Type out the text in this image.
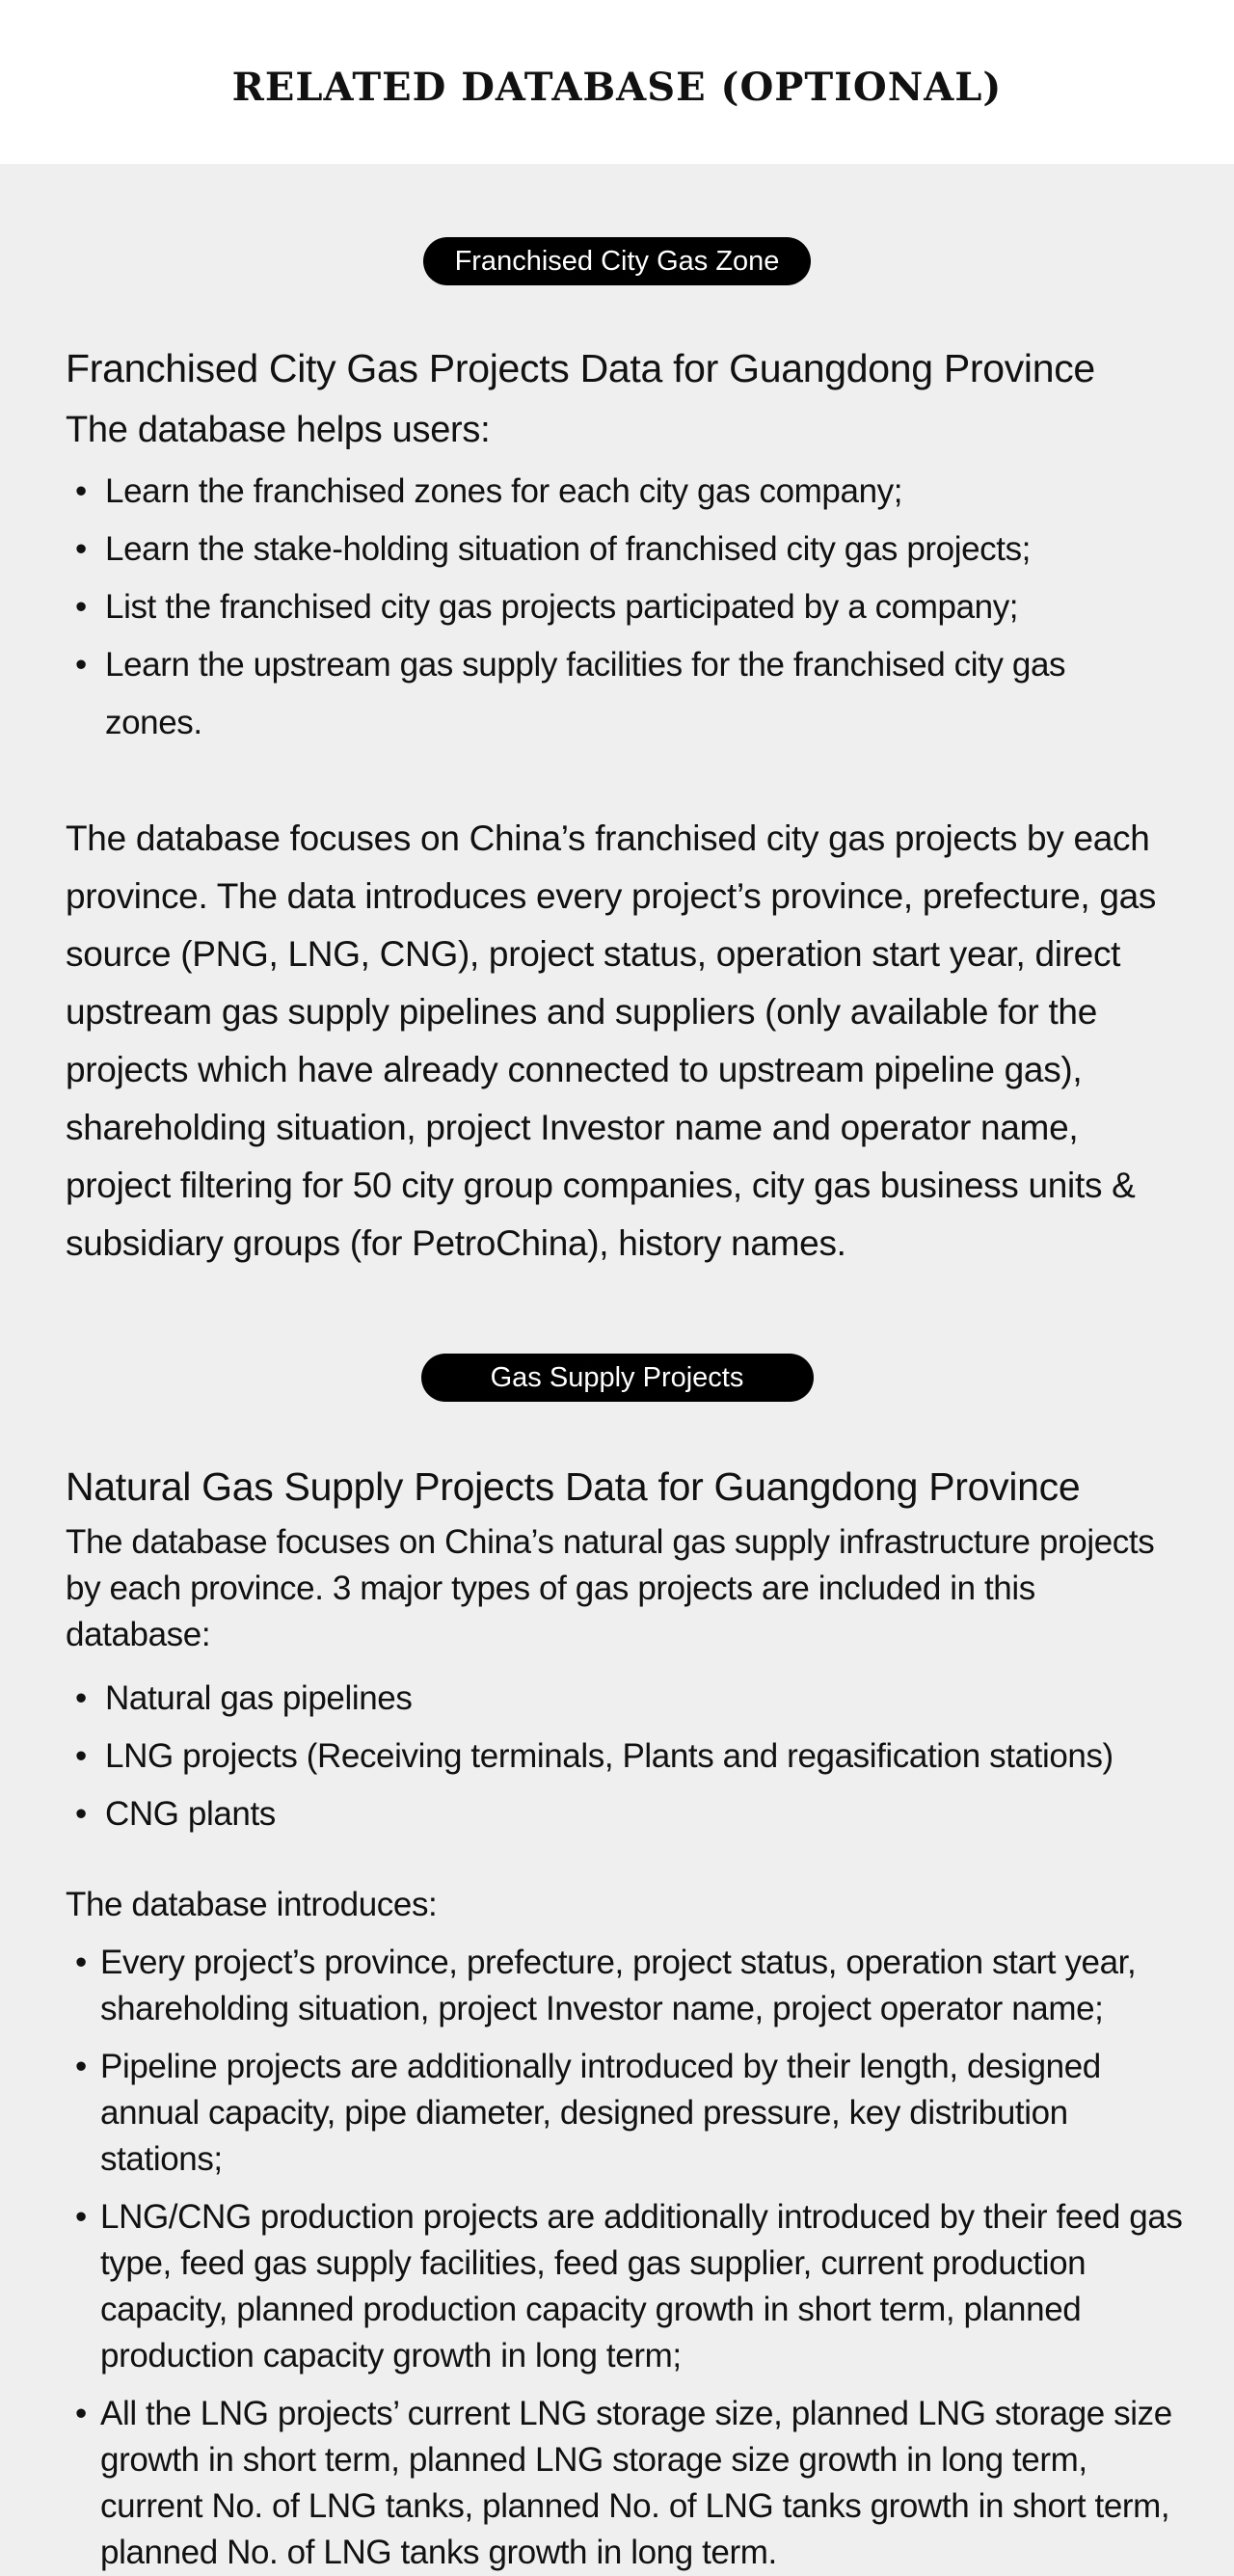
RELATED DATABASE (OPTIONAL)
Franchised City Gas Zone
Franchised City Gas Projects Data for Guangdong Province

The database helps users:

• Learn the franchised zones for each city gas company;
• Learn the stake-holding situation of franchised city gas projects;
• List the franchised city gas projects participated by a company;
• Learn the upstream gas supply facilities for the franchised city gas zones.

The database focuses on China’s franchised city gas projects by each province. The data introduces every project’s province, prefecture, gas source (PNG, LNG, CNG), project status, operation start year, direct upstream gas supply pipelines and suppliers (only available for the projects which have already connected to upstream pipeline gas), shareholding situation, project Investor name and operator name, project filtering for 50 city group companies, city gas business units & subsidiary groups (for PetroChina), history names.

Gas Supply Projects
Natural Gas Supply Projects Data for Guangdong Province

The database focuses on China’s natural gas supply infrastructure projects by each province. 3 major types of gas projects are included in this database:

• Natural gas pipelines
• LNG projects (Receiving terminals, Plants and regasification stations)
• CNG plants

The database introduces:

• Every project’s province, prefecture, project status, operation start year, shareholding situation, project Investor name, project operator name;
• Pipeline projects are additionally introduced by their length, designed annual capacity, pipe diameter, designed pressure, key distribution stations;
• LNG/CNG production projects are additionally introduced by their feed gas type, feed gas supply facilities, feed gas supplier, current production capacity, planned production capacity growth in short term, planned production capacity growth in long term;
• All the LNG projects’ current LNG storage size, planned LNG storage size growth in short term, planned LNG storage size growth in long term, current No. of LNG tanks, planned No. of LNG tanks growth in short term, planned No. of LNG tanks growth in long term.
